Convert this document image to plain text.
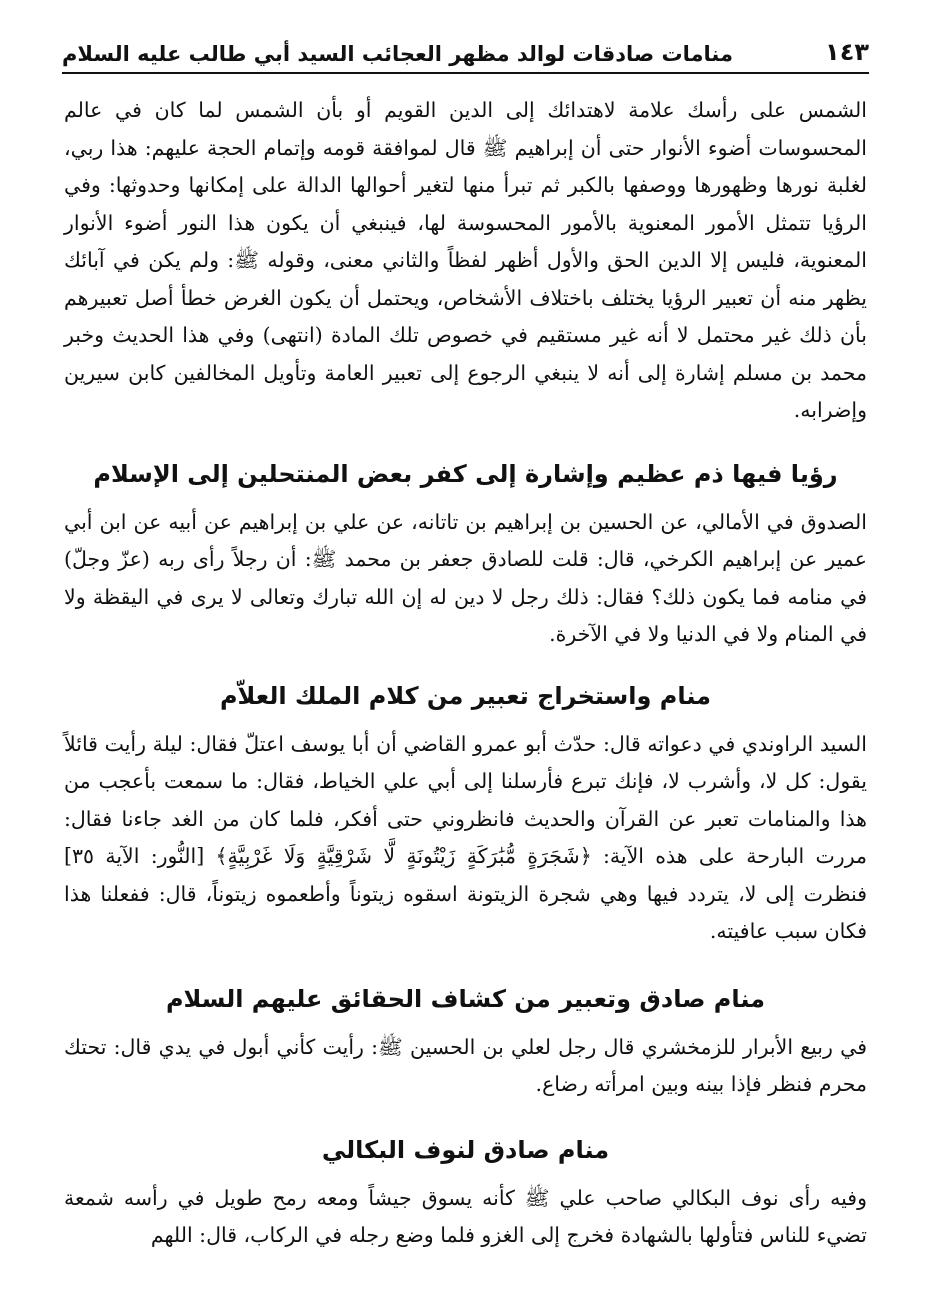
منامات صادقات لوالد مظهر العجائب السيد أبي طالب عليه السلام	١٤٣

الشمس على رأسك علامة لاهتدائك إلى الدين القويم أو بأن الشمس لما كان في عالم المحسوسات أضوء الأنوار حتى أن إبراهيم ﷺ قال لموافقة قومه وإتمام الحجة عليهم: هذا ربي، لغلبة نورها وظهورها ووصفها بالكبر ثم تبرأ منها لتغير أحوالها الدالة على إمكانها وحدوثها: وفي الرؤيا تتمثل الأمور المعنوية بالأمور المحسوسة لها، فينبغي أن يكون هذا النور أضوء الأنوار المعنوية، فليس إلا الدين الحق والأول أظهر لفظاً والثاني معنى، وقوله ﷺ: ولم يكن في آبائك يظهر منه أن تعبير الرؤيا يختلف باختلاف الأشخاص، ويحتمل أن يكون الغرض خطأ أصل تعبيرهم بأن ذلك غير محتمل لا أنه غير مستقيم في خصوص تلك المادة (انتهى) وفي هذا الحديث وخبر محمد بن مسلم إشارة إلى أنه لا ينبغي الرجوع إلى تعبير العامة وتأويل المخالفين كابن سيرين وإضرابه.

رؤيا فيها ذم عظيم وإشارة إلى كفر بعض المنتحلين إلى الإسلام

الصدوق في الأمالي، عن الحسين بن إبراهيم بن تاتانه، عن علي بن إبراهيم عن أبيه عن ابن أبي عمير عن إبراهيم الكرخي، قال: قلت للصادق جعفر بن محمد ﷺ: أن رجلاً رأى ربه (عزّ وجلّ) في منامه فما يكون ذلك؟ فقال: ذلك رجل لا دين له إن الله تبارك وتعالى لا يرى في اليقظة ولا في المنام ولا في الدنيا ولا في الآخرة.

منام واستخراج تعبير من كلام الملك العلاّم

السيد الراوندي في دعواته قال: حدّث أبو عمرو القاضي أن أبا يوسف اعتلّ فقال: ليلة رأيت قائلاً يقول: كل لا، وأشرب لا، فإنك تبرع فأرسلنا إلى أبي علي الخياط، فقال: ما سمعت بأعجب من هذا والمنامات تعبر عن القرآن والحديث فانظروني حتى أفكر، فلما كان من الغد جاءنا فقال: مررت البارحة على هذه الآية: ﴿شَجَرَةٍ مُّبَٰرَكَةٍ زَيْتُونَةٍ لَّا شَرْقِيَّةٍ وَلَا غَرْبِيَّةٍ﴾ [النُّور: الآية ٣٥] فنظرت إلى لا، يتردد فيها وهي شجرة الزيتونة اسقوه زيتوناً وأطعموه زيتوناً، قال: ففعلنا هذا فكان سبب عافيته.

منام صادق وتعبير من كشاف الحقائق عليهم السلام

في ربيع الأبرار للزمخشري قال رجل لعلي بن الحسين ﷺ: رأيت كأني أبول في يدي قال: تحتك محرم فنظر فإذا بينه وبين امرأته رضاع.

منام صادق لنوف البكالي

وفيه رأى نوف البكالي صاحب علي ﷺ كأنه يسوق جيشاً ومعه رمح طويل في رأسه شمعة تضيء للناس فتأولها بالشهادة فخرج إلى الغزو فلما وضع رجله في الركاب، قال: اللهم
